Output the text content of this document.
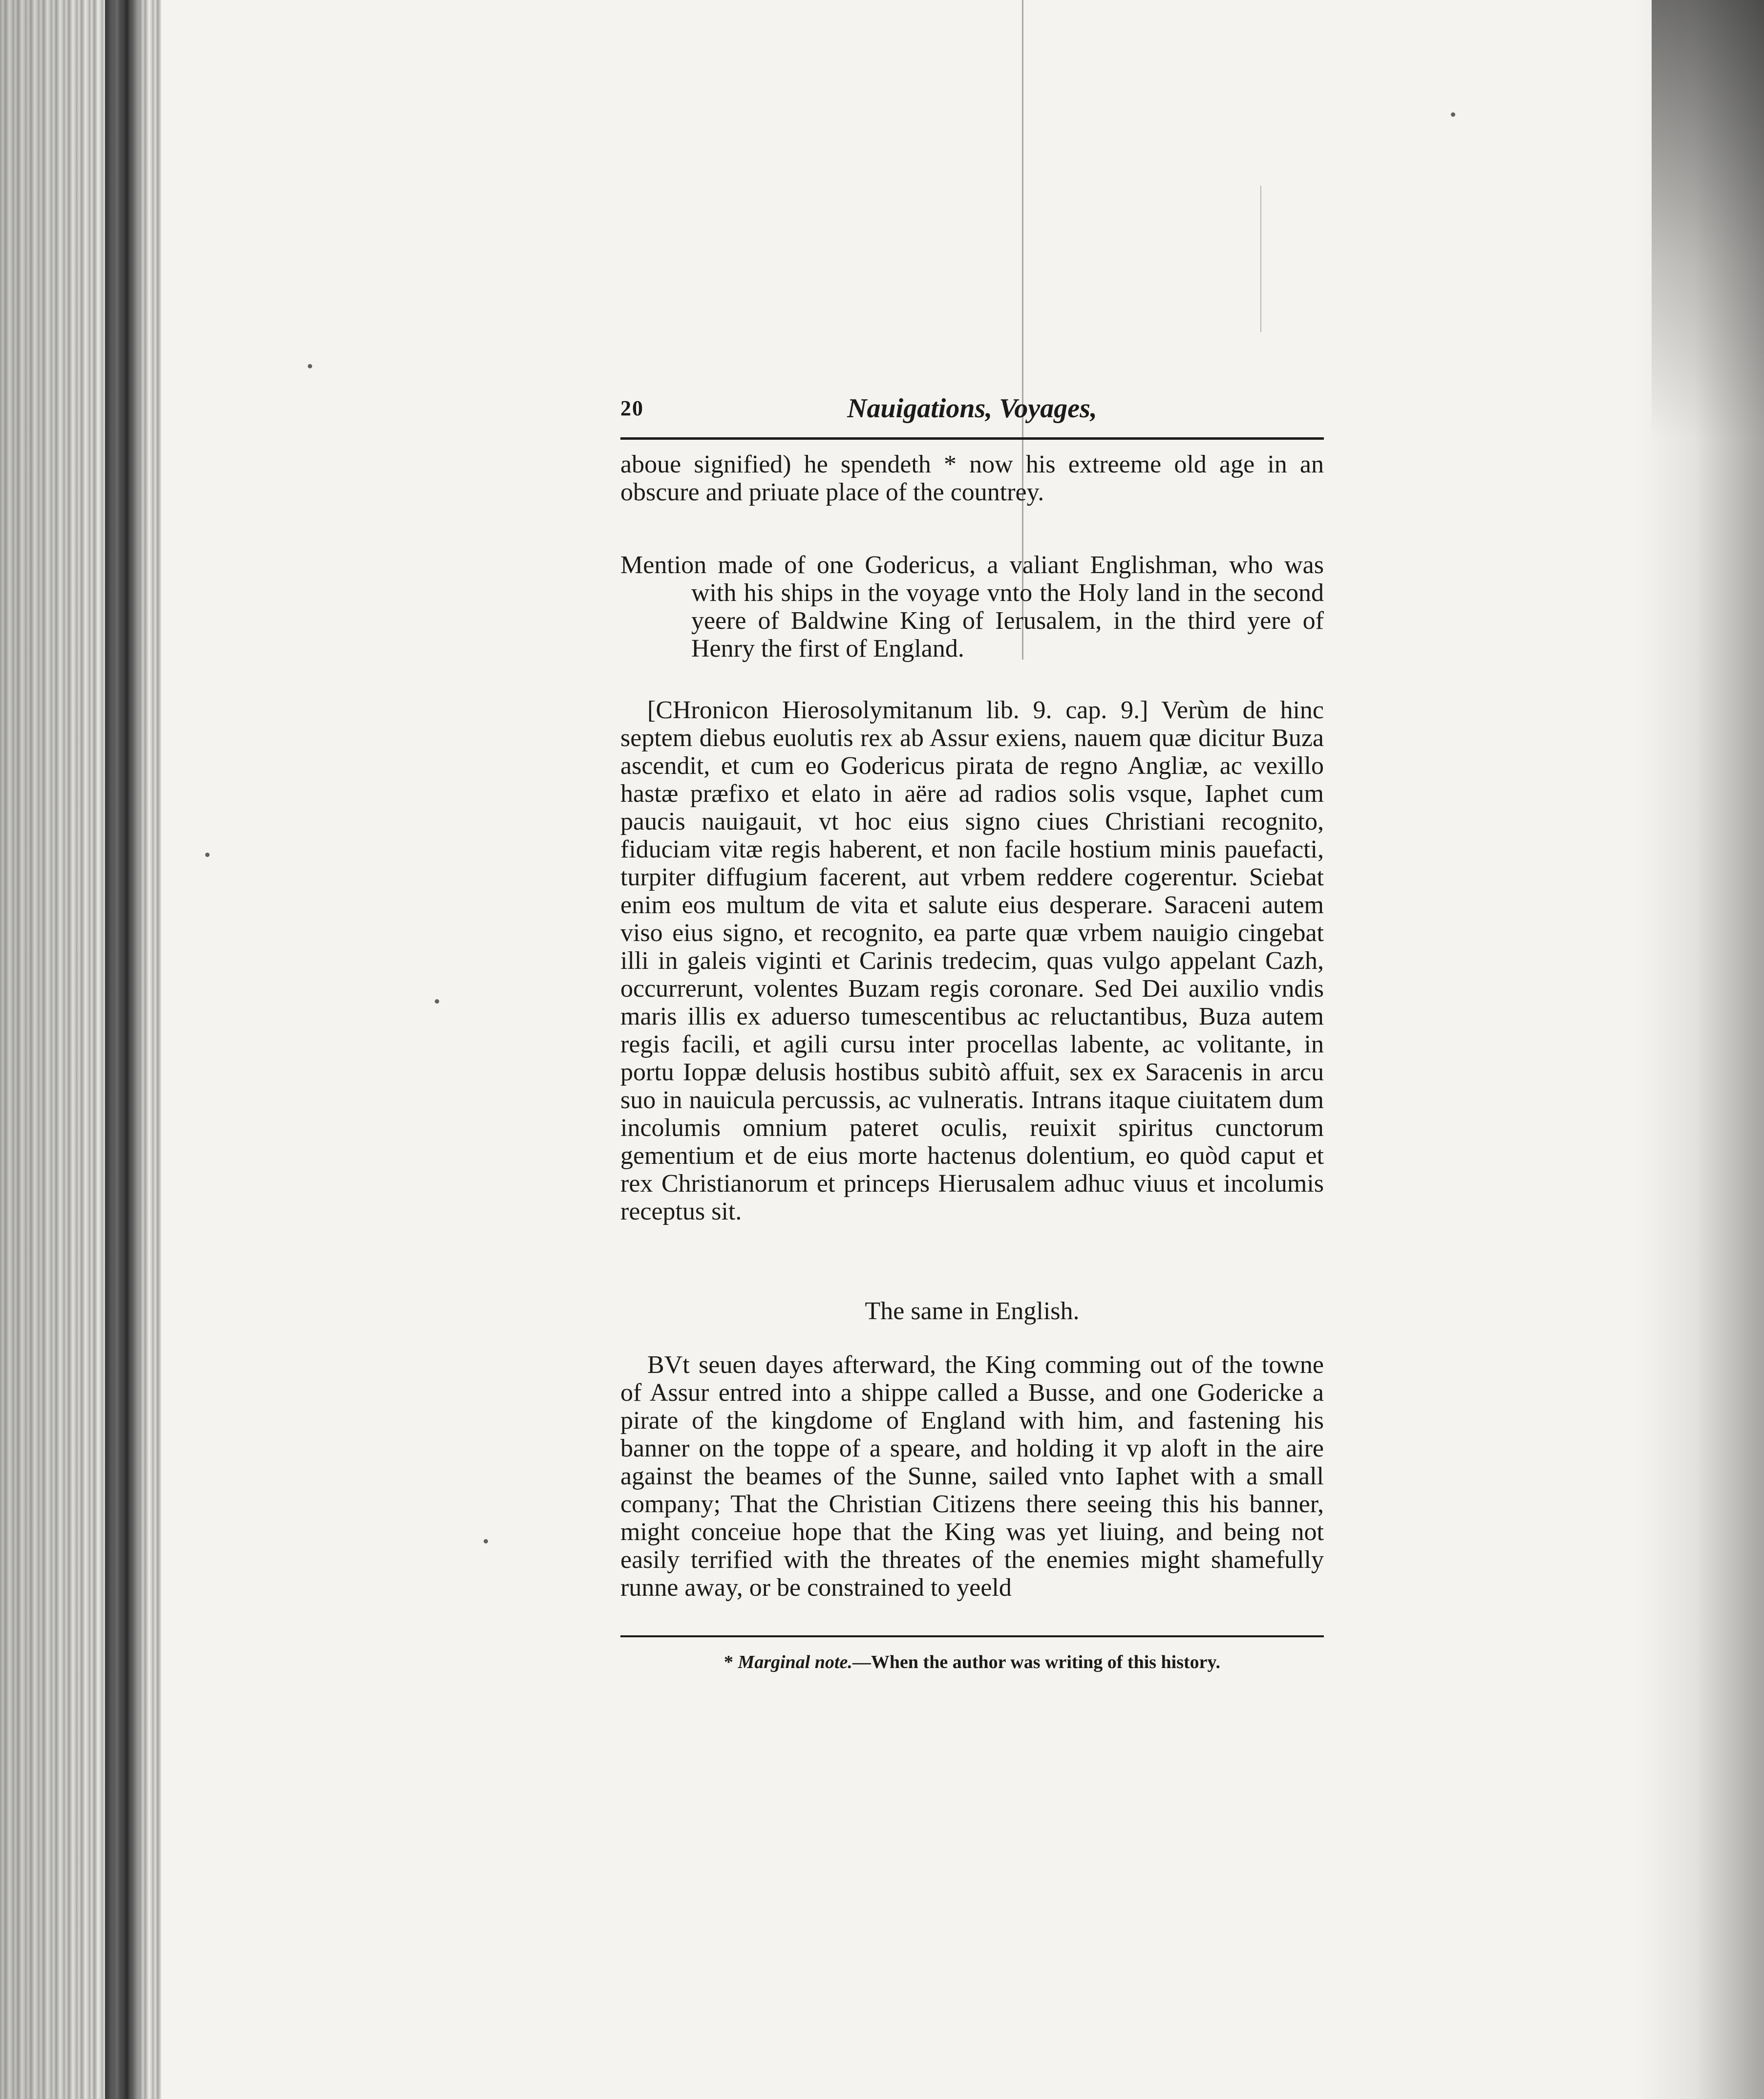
20	Nauigations, Voyages,

aboue signified) he spendeth * now his extreeme old age in an obscure and priuate place of the countrey.

Mention made of one Godericus, a valiant Englishman, who was with his ships in the voyage vnto the Holy land in the second yeere of Baldwine King of Ierusalem, in the third yere of Henry the first of England.

[CHronicon Hierosolymitanum lib. 9. cap. 9.] Verùm de hinc septem diebus euolutis rex ab Assur exiens, nauem quæ dicitur Buza ascendit, et cum eo Godericus pirata de regno Angliæ, ac vexillo hastæ præfixo et elato in aëre ad radios solis vsque, Iaphet cum paucis nauigauit, vt hoc eius signo ciues Christiani recognito, fiduciam vitæ regis haberent, et non facile hostium minis pauefacti, turpiter diffugium facerent, aut vrbem reddere cogerentur. Sciebat enim eos multum de vita et salute eius desperare. Saraceni autem viso eius signo, et recognito, ea parte quæ vrbem nauigio cingebat illi in galeis viginti et Carinis tredecim, quas vulgo appelant Cazh, occurrerunt, volentes Buzam regis coronare. Sed Dei auxilio vndis maris illis ex aduerso tumescentibus ac reluctantibus, Buza autem regis facili, et agili cursu inter procellas labente, ac volitante, in portu Ioppæ delusis hostibus subitò affuit, sex ex Saracenis in arcu suo in nauicula percussis, ac vulneratis. Intrans itaque ciuitatem dum incolumis omnium pateret oculis, reuixit spiritus cunctorum gementium et de eius morte hactenus dolentium, eo quòd caput et rex Christianorum et princeps Hierusalem adhuc viuus et incolumis receptus sit.

The same in English.

BVt seuen dayes afterward, the King comming out of the towne of Assur entred into a shippe called a Busse, and one Godericke a pirate of the kingdome of England with him, and fastening his banner on the toppe of a speare, and holding it vp aloft in the aire against the beames of the Sunne, sailed vnto Iaphet with a small company; That the Christian Citizens there seeing this his banner, might conceiue hope that the King was yet liuing, and being not easily terrified with the threates of the enemies might shamefully runne away, or be constrained to yeeld

* Marginal note.—When the author was writing of this history.
